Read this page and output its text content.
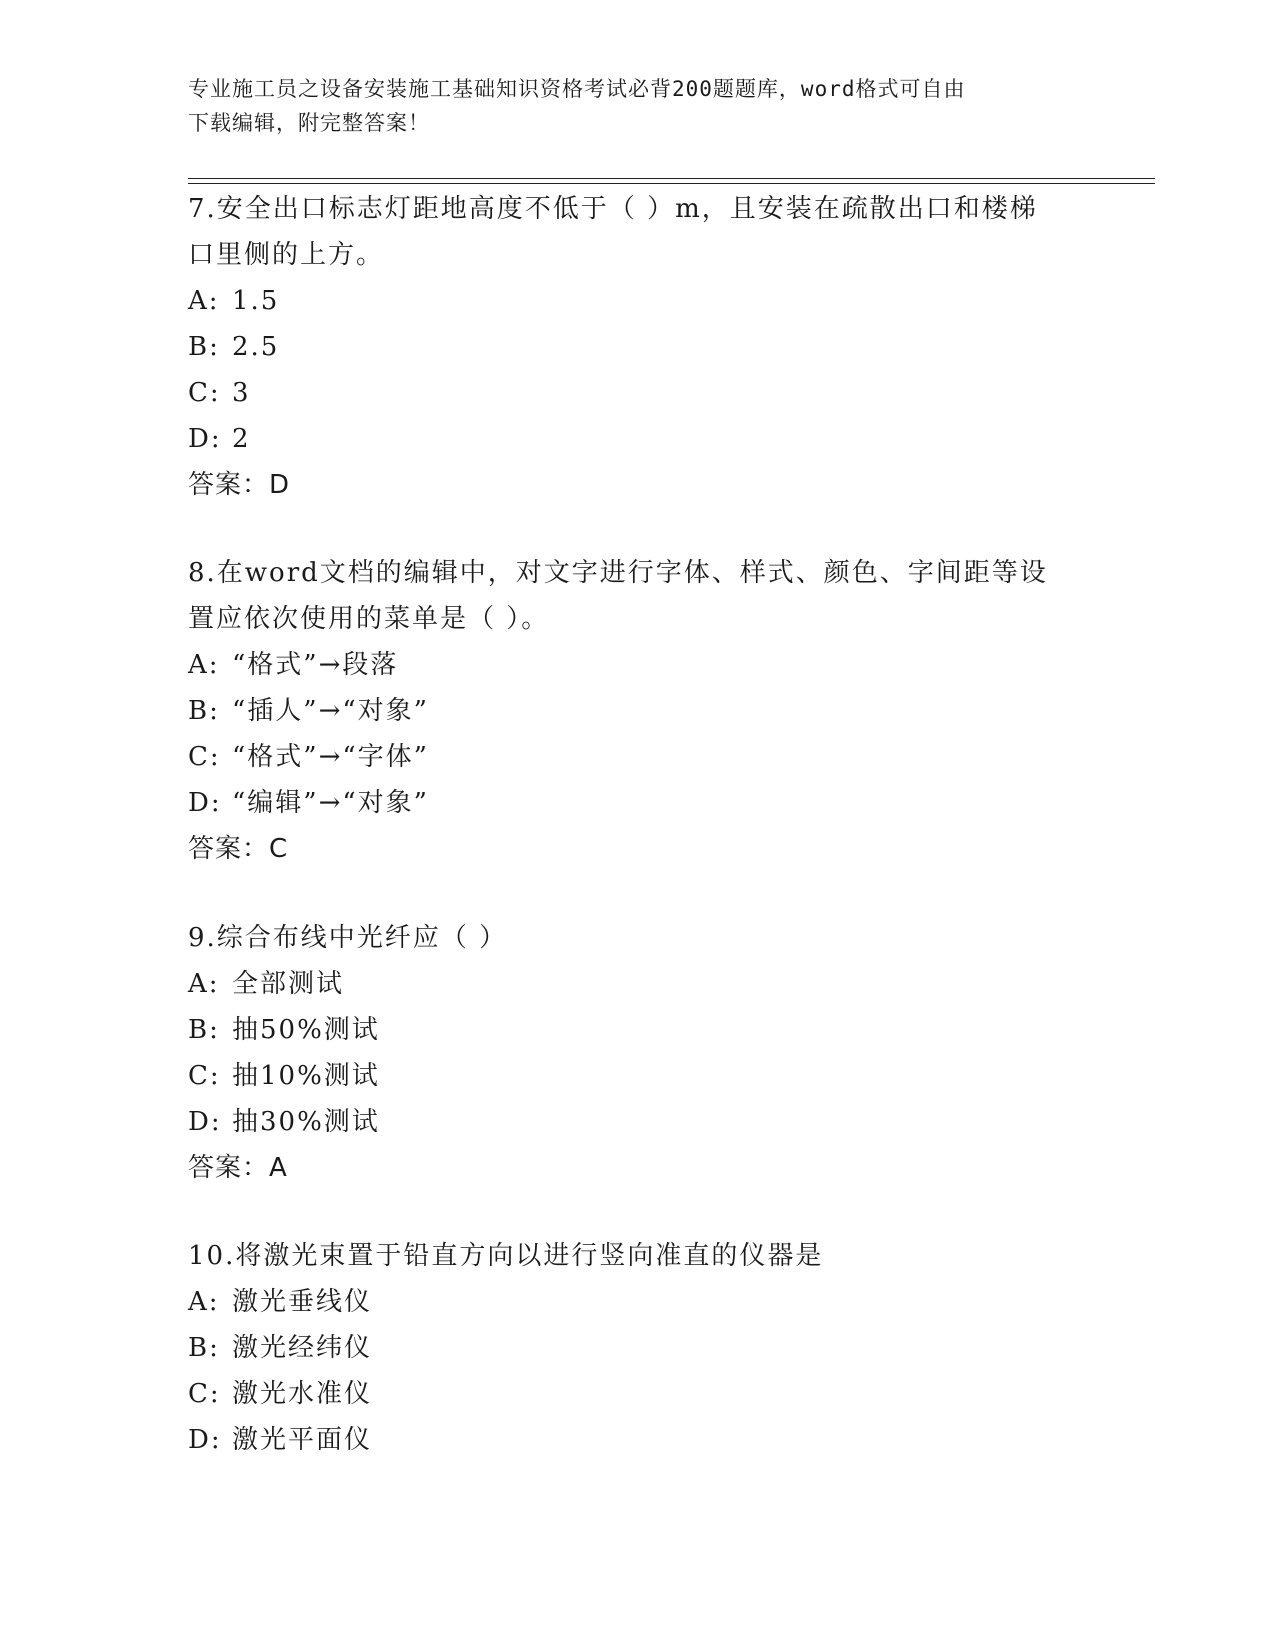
专业施工员之设备安装施工基础知识资格考试必背200题题库，word格式可自由
下载编辑，附完整答案！
7.安全出口标志灯距地高度不低于（ ）m，且安装在疏散出口和楼梯
口里侧的上方。
A: 1.5
B: 2.5
C: 3
D: 2
答案：D
8.在word文档的编辑中，对文字进行字体、样式、颜色、字间距等设
置应依次使用的菜单是（ ）。
A: “格式”→段落
B: “插人”→“对象”
C: “格式”→“字体”
D: “编辑”→“对象”
答案：C
9.综合布线中光纤应（ ）
A: 全部测试
B: 抽50%测试
C: 抽10%测试
D: 抽30%测试
答案：A
10.将激光束置于铅直方向以进行竖向准直的仪器是
A: 激光垂线仪
B: 激光经纬仪
C: 激光水准仪
D: 激光平面仪
